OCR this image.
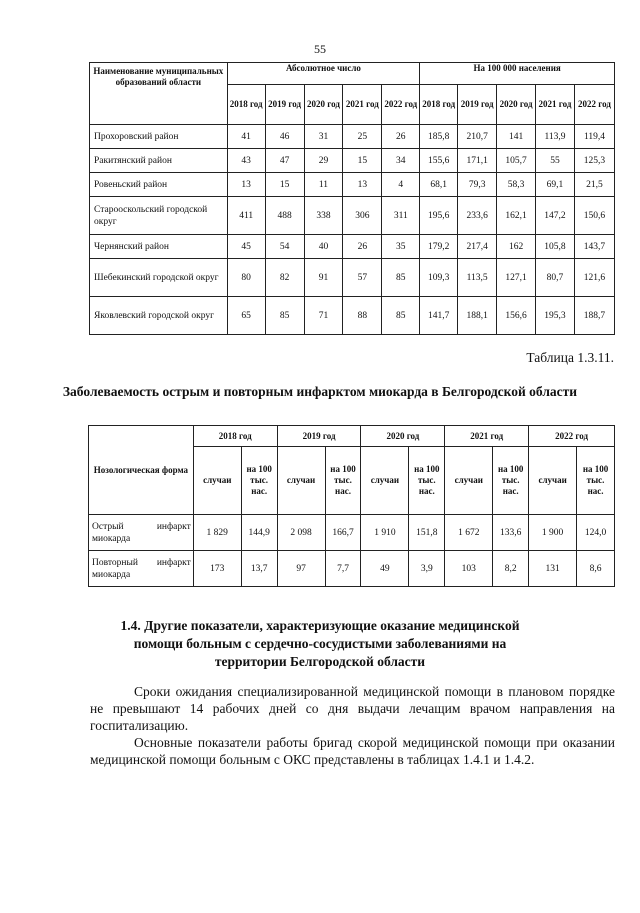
55
Наименование муниципальных образований области	Абсолютное число					На 100 000 населения				
	2018 год	2019 год	2020 год	2021 год	2022 год	2018 год	2019 год	2020 год	2021 год	2022 год
Прохоровский район	41	46	31	25	26	185,8	210,7	141	113,9	119,4
Ракитянский район	43	47	29	15	34	155,6	171,1	105,7	55	125,3
Ровеньский район	13	15	11	13	4	68,1	79,3	58,3	69,1	21,5
Старооскольский городской округ	411	488	338	306	311	195,6	233,6	162,1	147,2	150,6
Чернянский район	45	54	40	26	35	179,2	217,4	162	105,8	143,7
Шебекинский городской округ	80	82	91	57	85	109,3	113,5	127,1	80,7	121,6
Яковлевский городской округ	65	85	71	88	85	141,7	188,1	156,6	195,3	188,7
Таблица 1.3.11.
Заболеваемость острым и повторным инфарктом миокарда в Белгородской области
Нозологическая форма	2018 год		2019 год		2020 год		2021 год		2022 год	
	случаи	на 100 тыс. нас.	случаи	на 100 тыс. нас.	случаи	на 100 тыс. нас.	случаи	на 100 тыс. нас.	случаи	на 100 тыс. нас.
Острый инфаркт миокарда	1 829	144,9	2 098	166,7	1 910	151,8	1 672	133,6	1 900	124,0
Повторный инфаркт миокарда	173	13,7	97	7,7	49	3,9	103	8,2	131	8,6
1.4. Другие показатели, характеризующие оказание медицинской помощи больным с сердечно-сосудистыми заболеваниями на территории Белгородской области

Сроки ожидания специализированной медицинской помощи в плановом порядке не превышают 14 рабочих дней со дня выдачи лечащим врачом направления на госпитализацию.

Основные показатели работы бригад скорой медицинской помощи при оказании медицинской помощи больным с ОКС представлены в таблицах 1.4.1 и 1.4.2.
